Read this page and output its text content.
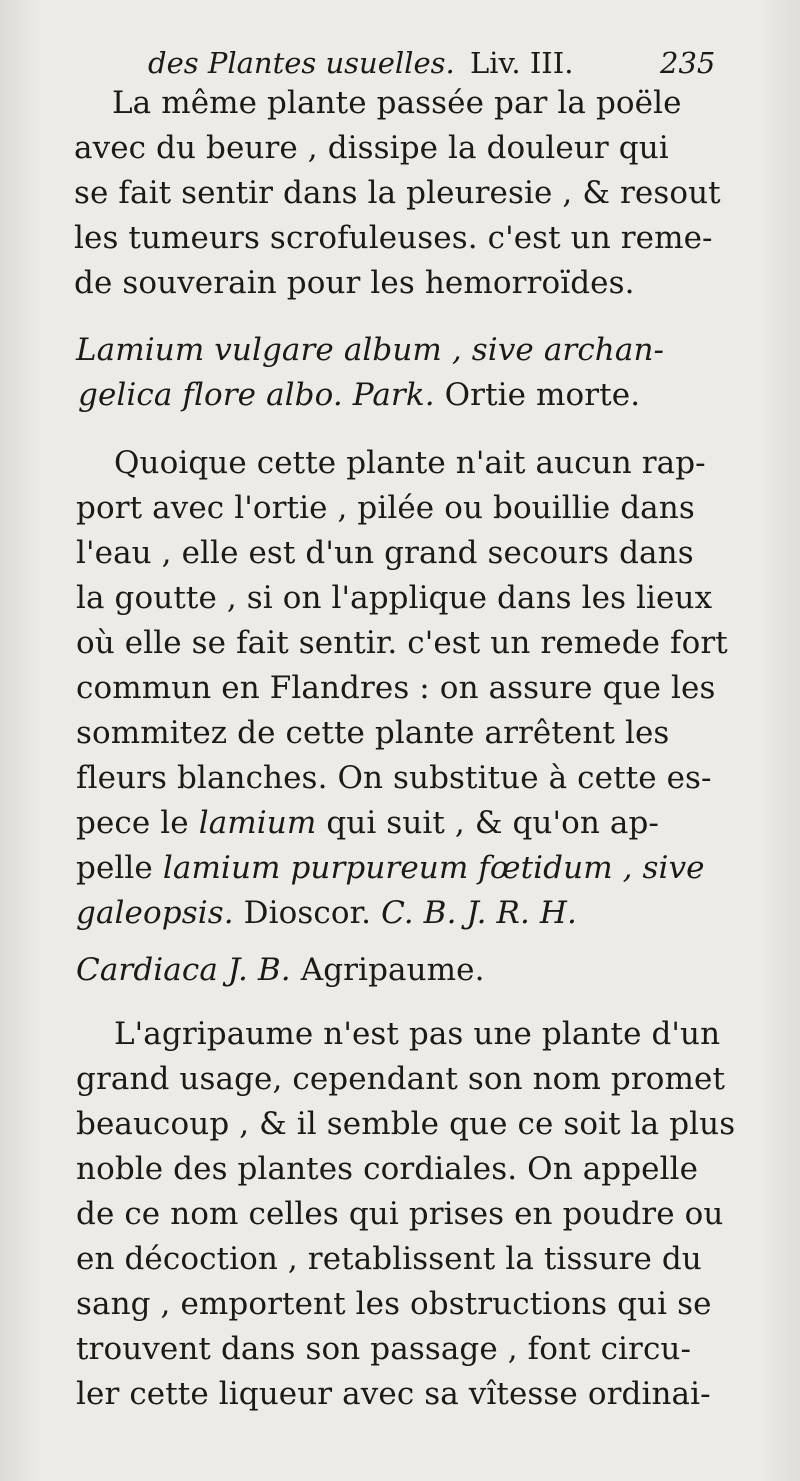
des Plantes usuelles. Liv. III.	235
La même plante passée par la poële
avec du beure , dissipe la douleur qui
se fait sentir dans la pleuresie , & resout
les tumeurs scrofuleuses. c'est un reme-
de souverain pour les hemorroïdes.
Lamium vulgare album , sive archan-
gelica flore albo. Park. Ortie morte.
Quoique cette plante n'ait aucun rap-
port avec l'ortie , pilée ou bouillie dans
l'eau , elle est d'un grand secours dans
la goutte , si on l'applique dans les lieux
où elle se fait sentir. c'est un remede fort
commun en Flandres : on assure que les
sommitez de cette plante arrêtent les
fleurs blanches. On substitue à cette es-
pece le lamium qui suit , & qu'on ap-
pelle lamium purpureum fœtidum , sive
galeopsis. Dioscor. C. B. J. R. H.
Cardiaca J. B. Agripaume.
L'agripaume n'est pas une plante d'un
grand usage, cependant son nom promet
beaucoup , & il semble que ce soit la plus
noble des plantes cordiales. On appelle
de ce nom celles qui prises en poudre ou
en décoction , retablissent la tissure du
sang , emportent les obstructions qui se
trouvent dans son passage , font circu-
ler cette liqueur avec sa vîtesse ordinai-
